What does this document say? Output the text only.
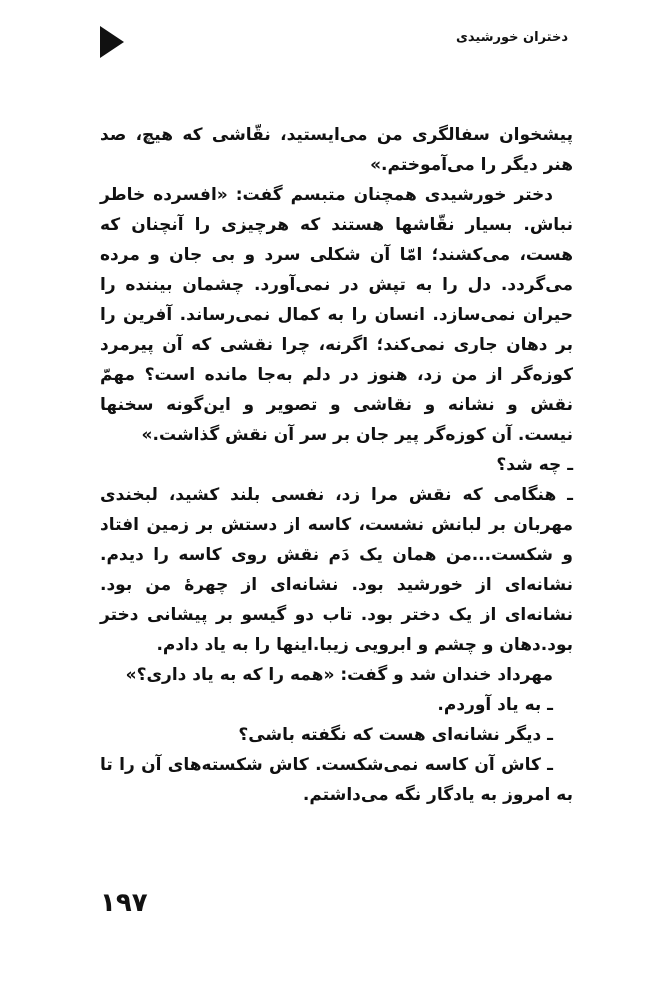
دختران خورشیدی

پیشخوان سفالگری من می‌ایستید، نقّاشی که هیچ، صد هنر دیگر را می‌آموختم.»

دختر خورشیدی همچنان متبسم گفت: «افسرده خاطر نباش. بسیار نقّاشها هستند که هرچیزی را آنچنان که هست، می‌کشند؛ امّا آن شکلی سرد و بی جان و مرده می‌گردد. دل را به تپش در نمی‌آورد. چشمان بیننده را حیران نمی‌سازد. انسان را به کمال نمی‌رساند. آفرین را بر دهان جاری نمی‌کند؛ اگرنه، چرا نقشی که آن پیرمرد کوزه‌گر از من زد، هنوز در دلم به‌جا مانده است؟ مهمّ نقش و نشانه و نقاشی و تصویر و این‌گونه سخنها نیست. آن کوزه‌گر پیر جان بر سر آن نقش گذاشت.»

ـ چه شد؟

ـ هنگامی که نقش مرا زد، نفسی بلند کشید، لبخندی مهربان بر لبانش نشست، کاسه از دستش بر زمین افتاد و شکست...من همان یک دَم نقش روی کاسه را دیدم. نشانه‌ای از خورشید بود. نشانه‌ای از چهرۀ من بود. نشانه‌ای از یک دختر بود. تاب دو گیسو بر پیشانی دختر بود.دهان و چشم و ابرویی زیبا.اینها را به یاد دادم.

مهرداد خندان شد و گفت: «همه را که به یاد داری؟»

ـ به یاد آوردم.

ـ دیگر نشانه‌ای هست که نگفته باشی؟

ـ کاش آن کاسه نمی‌شکست. کاش شکسته‌های آن را تا به امروز به یادگار نگه می‌داشتم.

۱۹۷
